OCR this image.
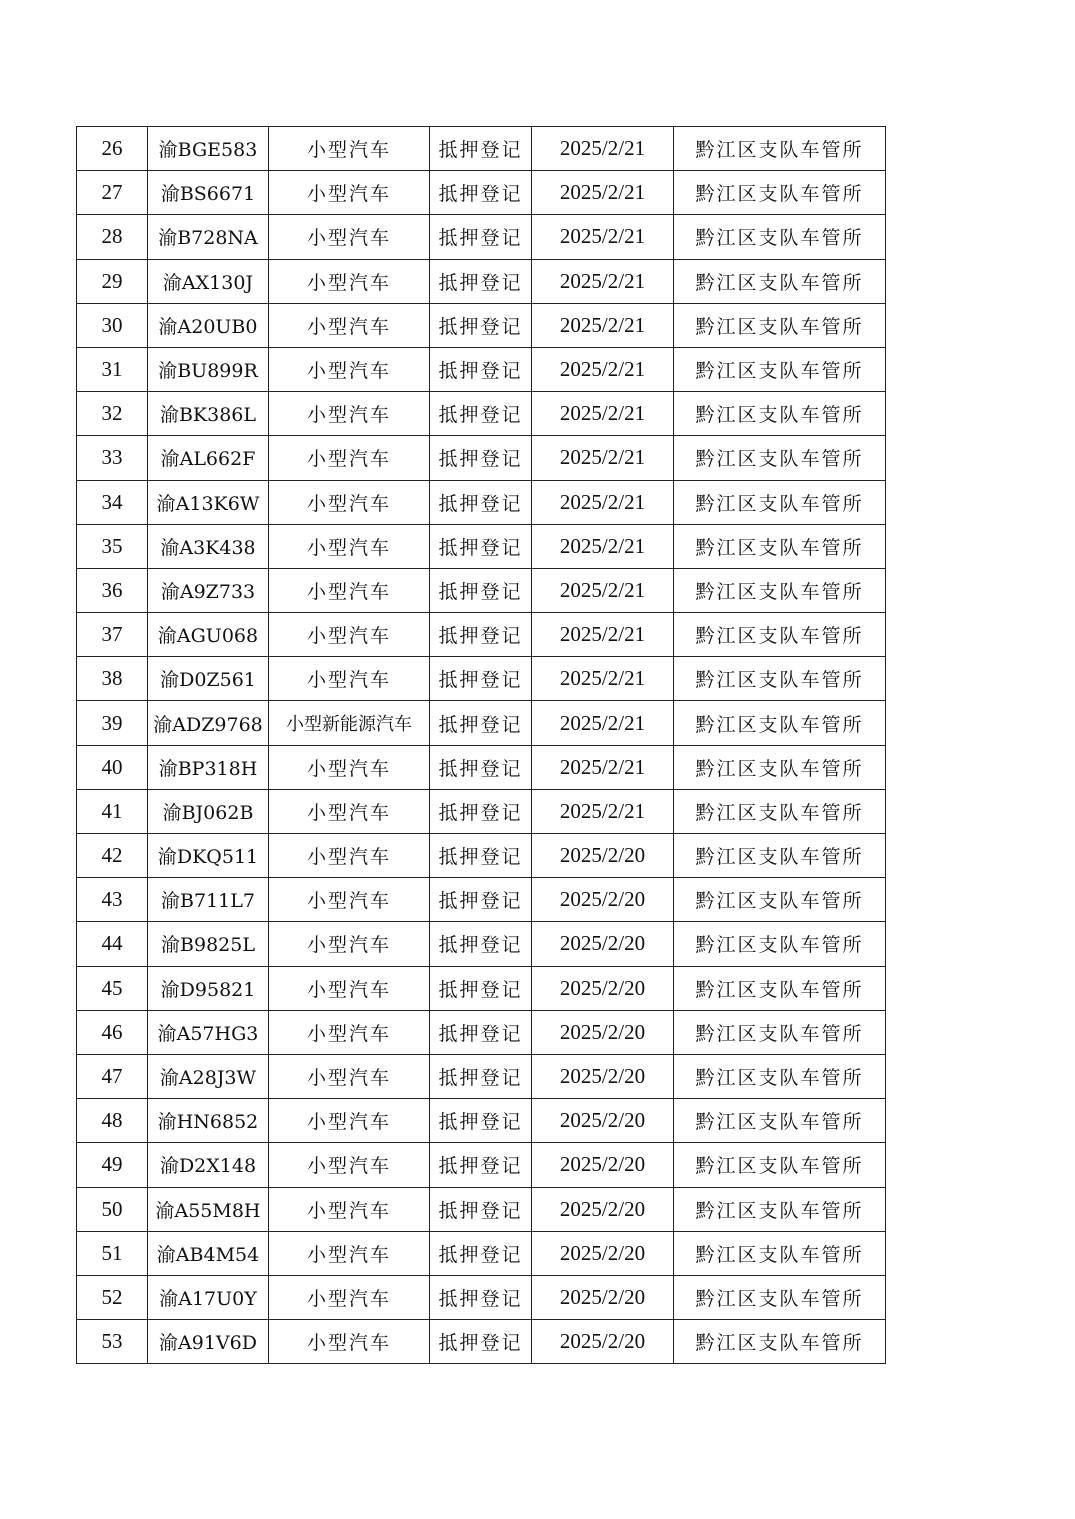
26	渝BGE583	小型汽车	抵押登记	2025/2/21	黔江区支队车管所
27	渝BS6671	小型汽车	抵押登记	2025/2/21	黔江区支队车管所
28	渝B728NA	小型汽车	抵押登记	2025/2/21	黔江区支队车管所
29	渝AX130J	小型汽车	抵押登记	2025/2/21	黔江区支队车管所
30	渝A20UB0	小型汽车	抵押登记	2025/2/21	黔江区支队车管所
31	渝BU899R	小型汽车	抵押登记	2025/2/21	黔江区支队车管所
32	渝BK386L	小型汽车	抵押登记	2025/2/21	黔江区支队车管所
33	渝AL662F	小型汽车	抵押登记	2025/2/21	黔江区支队车管所
34	渝A13K6W	小型汽车	抵押登记	2025/2/21	黔江区支队车管所
35	渝A3K438	小型汽车	抵押登记	2025/2/21	黔江区支队车管所
36	渝A9Z733	小型汽车	抵押登记	2025/2/21	黔江区支队车管所
37	渝AGU068	小型汽车	抵押登记	2025/2/21	黔江区支队车管所
38	渝D0Z561	小型汽车	抵押登记	2025/2/21	黔江区支队车管所
39	渝ADZ9768	小型新能源汽车	抵押登记	2025/2/21	黔江区支队车管所
40	渝BP318H	小型汽车	抵押登记	2025/2/21	黔江区支队车管所
41	渝BJ062B	小型汽车	抵押登记	2025/2/21	黔江区支队车管所
42	渝DKQ511	小型汽车	抵押登记	2025/2/20	黔江区支队车管所
43	渝B711L7	小型汽车	抵押登记	2025/2/20	黔江区支队车管所
44	渝B9825L	小型汽车	抵押登记	2025/2/20	黔江区支队车管所
45	渝D95821	小型汽车	抵押登记	2025/2/20	黔江区支队车管所
46	渝A57HG3	小型汽车	抵押登记	2025/2/20	黔江区支队车管所
47	渝A28J3W	小型汽车	抵押登记	2025/2/20	黔江区支队车管所
48	渝HN6852	小型汽车	抵押登记	2025/2/20	黔江区支队车管所
49	渝D2X148	小型汽车	抵押登记	2025/2/20	黔江区支队车管所
50	渝A55M8H	小型汽车	抵押登记	2025/2/20	黔江区支队车管所
51	渝AB4M54	小型汽车	抵押登记	2025/2/20	黔江区支队车管所
52	渝A17U0Y	小型汽车	抵押登记	2025/2/20	黔江区支队车管所
53	渝A91V6D	小型汽车	抵押登记	2025/2/20	黔江区支队车管所
